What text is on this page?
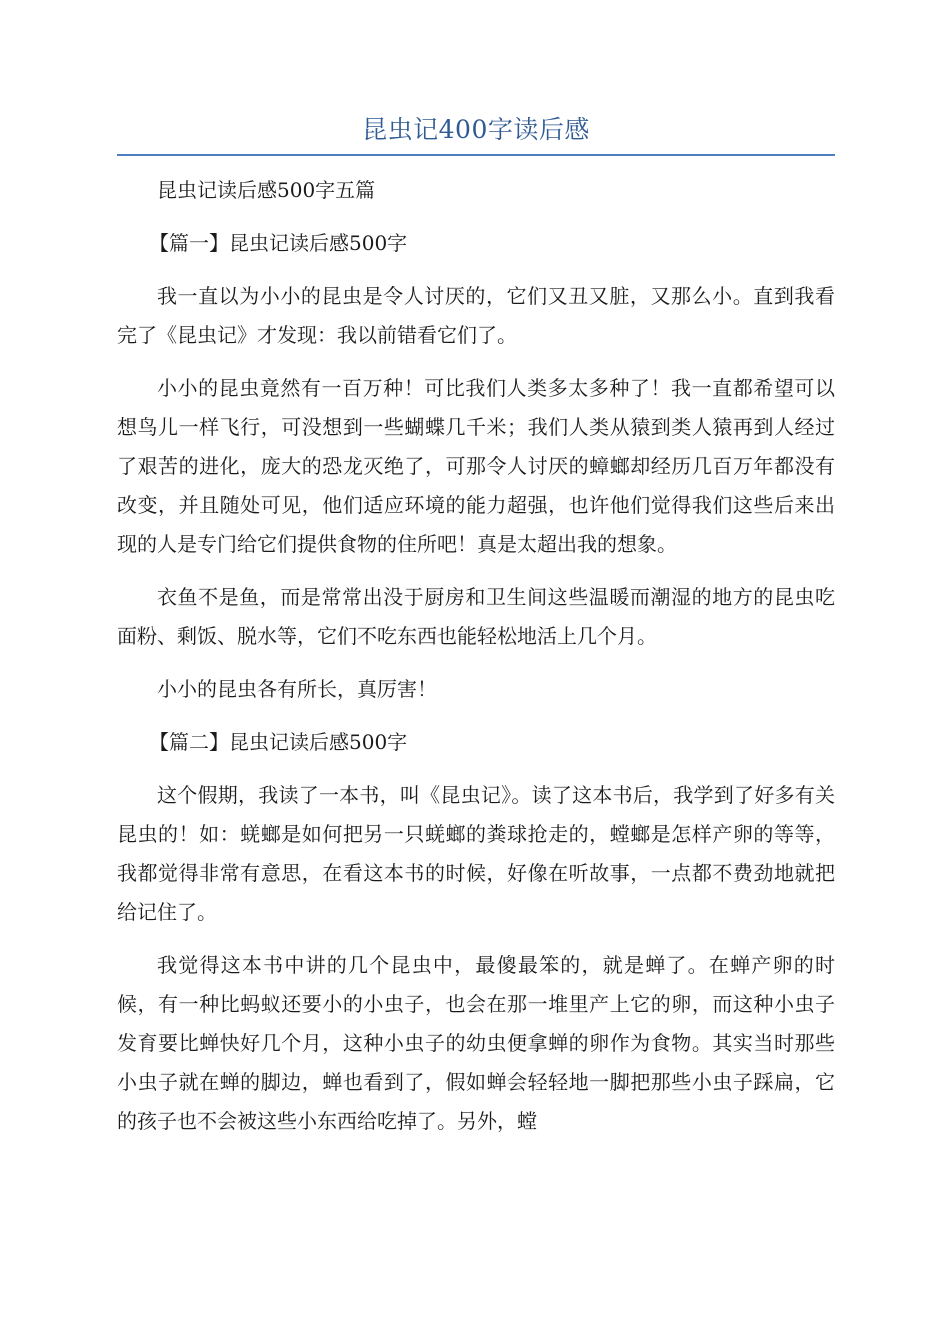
昆虫记400字读后感

昆虫记读后感500字五篇

【篇一】昆虫记读后感500字

我一直以为小小的昆虫是令人讨厌的，它们又丑又脏，又那么小。直到我看完了《昆虫记》才发现：我以前错看它们了。

小小的昆虫竟然有一百万种！可比我们人类多太多种了！我一直都希望可以想鸟儿一样飞行，可没想到一些蝴蝶几千米；我们人类从猿到类人猿再到人经过了艰苦的进化，庞大的恐龙灭绝了，可那令人讨厌的蟑螂却经历几百万年都没有改变，并且随处可见，他们适应环境的能力超强，也许他们觉得我们这些后来出现的人是专门给它们提供食物的住所吧！真是太超出我的想象。

衣鱼不是鱼，而是常常出没于厨房和卫生间这些温暖而潮湿的地方的昆虫吃面粉、剩饭、脱水等，它们不吃东西也能轻松地活上几个月。

小小的昆虫各有所长，真厉害！

【篇二】昆虫记读后感500字

这个假期，我读了一本书，叫《昆虫记》。读了这本书后，我学到了好多有关昆虫的！如：蜣螂是如何把另一只蜣螂的粪球抢走的，螳螂是怎样产卵的等等，我都觉得非常有意思，在看这本书的时候，好像在听故事，一点都不费劲地就把给记住了。

我觉得这本书中讲的几个昆虫中，最傻最笨的，就是蝉了。在蝉产卵的时候，有一种比蚂蚁还要小的小虫子，也会在那一堆里产上它的卵，而这种小虫子发育要比蝉快好几个月，这种小虫子的幼虫便拿蝉的卵作为食物。其实当时那些小虫子就在蝉的脚边，蝉也看到了，假如蝉会轻轻地一脚把那些小虫子踩扁，它的孩子也不会被这些小东西给吃掉了。另外，螳
